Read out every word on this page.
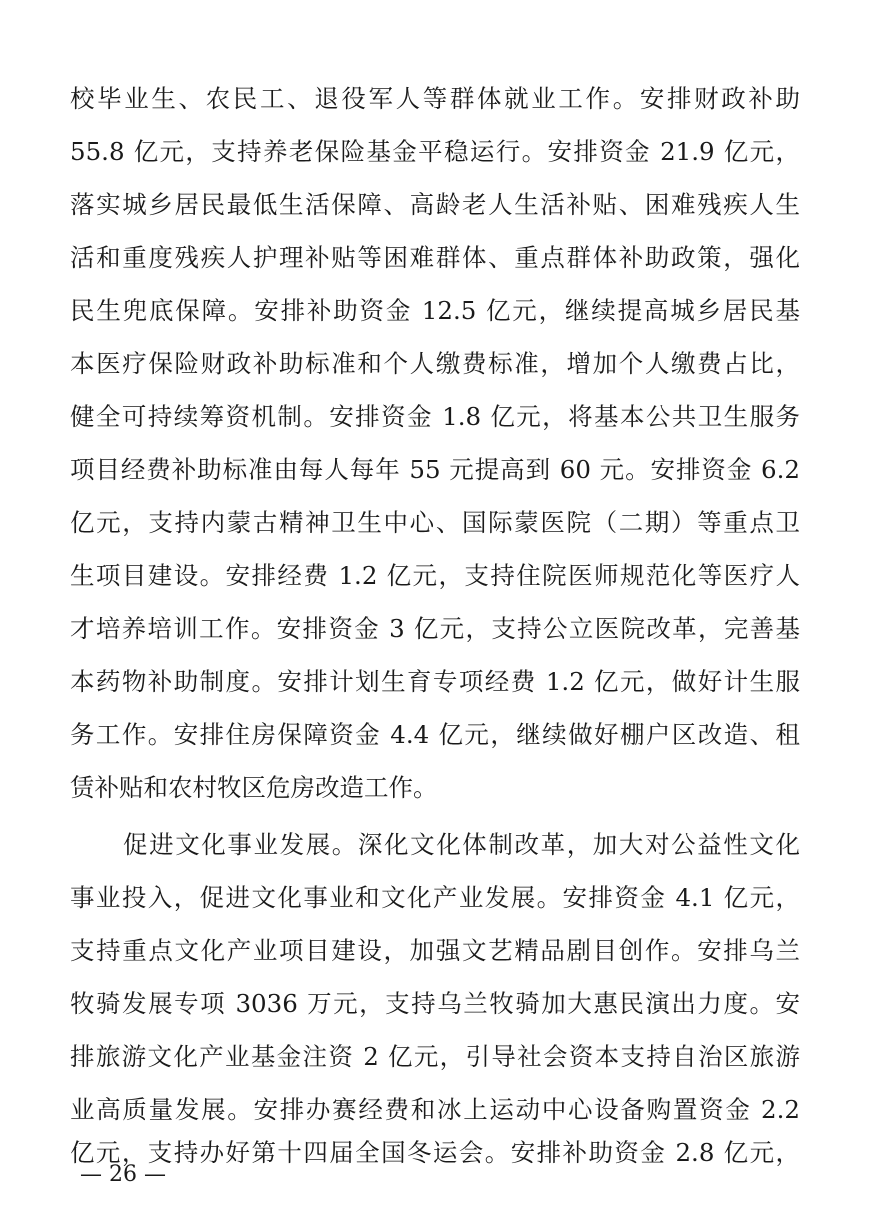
校毕业生、农民工、退役军人等群体就业工作。安排财政补助
55.8 亿元，支持养老保险基金平稳运行。安排资金 21.9 亿元，
落实城乡居民最低生活保障、高龄老人生活补贴、困难残疾人生
活和重度残疾人护理补贴等困难群体、重点群体补助政策，强化
民生兜底保障。安排补助资金 12.5 亿元，继续提高城乡居民基
本医疗保险财政补助标准和个人缴费标准，增加个人缴费占比，
健全可持续筹资机制。安排资金 1.8 亿元，将基本公共卫生服务
项目经费补助标准由每人每年 55 元提高到 60 元。安排资金 6.2
亿元，支持内蒙古精神卫生中心、国际蒙医院（二期）等重点卫
生项目建设。安排经费 1.2 亿元，支持住院医师规范化等医疗人
才培养培训工作。安排资金 3 亿元，支持公立医院改革，完善基
本药物补助制度。安排计划生育专项经费 1.2 亿元，做好计生服
务工作。安排住房保障资金 4.4 亿元，继续做好棚户区改造、租
赁补贴和农村牧区危房改造工作。
促进文化事业发展。深化文化体制改革，加大对公益性文化
事业投入，促进文化事业和文化产业发展。安排资金 4.1 亿元，
支持重点文化产业项目建设，加强文艺精品剧目创作。安排乌兰
牧骑发展专项 3036 万元，支持乌兰牧骑加大惠民演出力度。安
排旅游文化产业基金注资 2 亿元，引导社会资本支持自治区旅游
业高质量发展。安排办赛经费和冰上运动中心设备购置资金 2.2
亿元，支持办好第十四届全国冬运会。安排补助资金 2.8 亿元，
— 26 —
